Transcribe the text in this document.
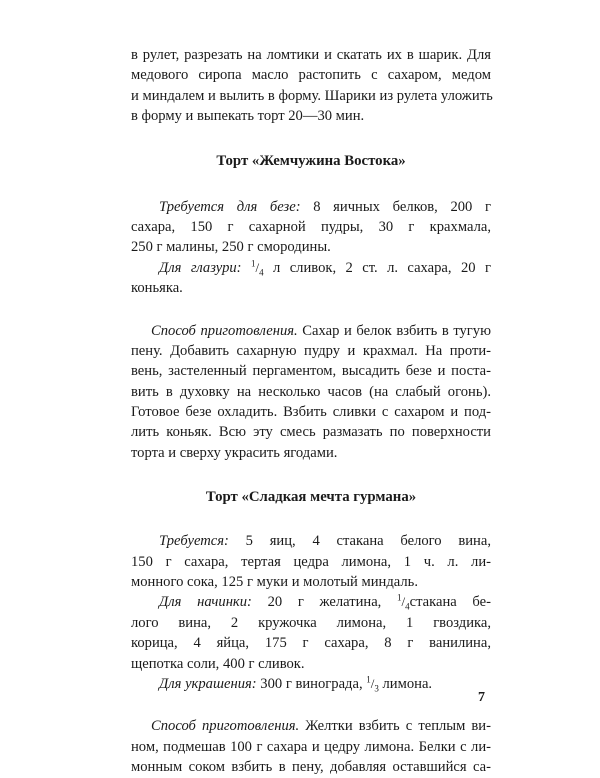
в рулет, разрезать на ломтики и скатать их в шарик. Для
медового сиропа масло растопить с сахаром, медом
и миндалем и вылить в форму. Шарики из рулета уложить
в форму и выпекать торт 20—30 мин.
Торт «Жемчужина Востока»
Требуется для безе: 8 яичных белков, 200 г
сахара, 150 г сахарной пудры, 30 г крахмала,
250 г малины, 250 г смородины.
Для глазури: $^1/_4$ л сливок, 2 ст. л. сахара, 20 г
коньяка.
Способ приготовления. Сахар и белок взбить в тугую
пену. Добавить сахарную пудру и крахмал. На проти-
вень, застеленный пергаментом, высадить безе и поста-
вить в духовку на несколько часов (на слабый огонь).
Готовое безе охладить. Взбить сливки с сахаром и под-
лить коньяк. Всю эту смесь размазать по поверхности
торта и сверху украсить ягодами.
Торт «Сладкая мечта гурмана»
Требуется: 5 яиц, 4 стакана белого вина,
150 г сахара, тертая цедра лимона, 1 ч. л. ли-
монного сока, 125 г муки и молотый миндаль.
Для начинки: 20 г желатина, $^1/_4стакана$ бе-
лого вина, 2 кружочка лимона, 1 гвоздика,
корица, 4 яйца, 175 г сахара, 8 г ванилина,
щепотка соли, 400 г сливок.
Для украшения: 300 г винограда, $^1/_3$ лимона.
Способ приготовления. Желтки взбить с теплым ви-
ном, подмешав 100 г сахара и цедру лимона. Белки с ли-
монным соком взбить в пену, добавляя оставшийся са-
7
